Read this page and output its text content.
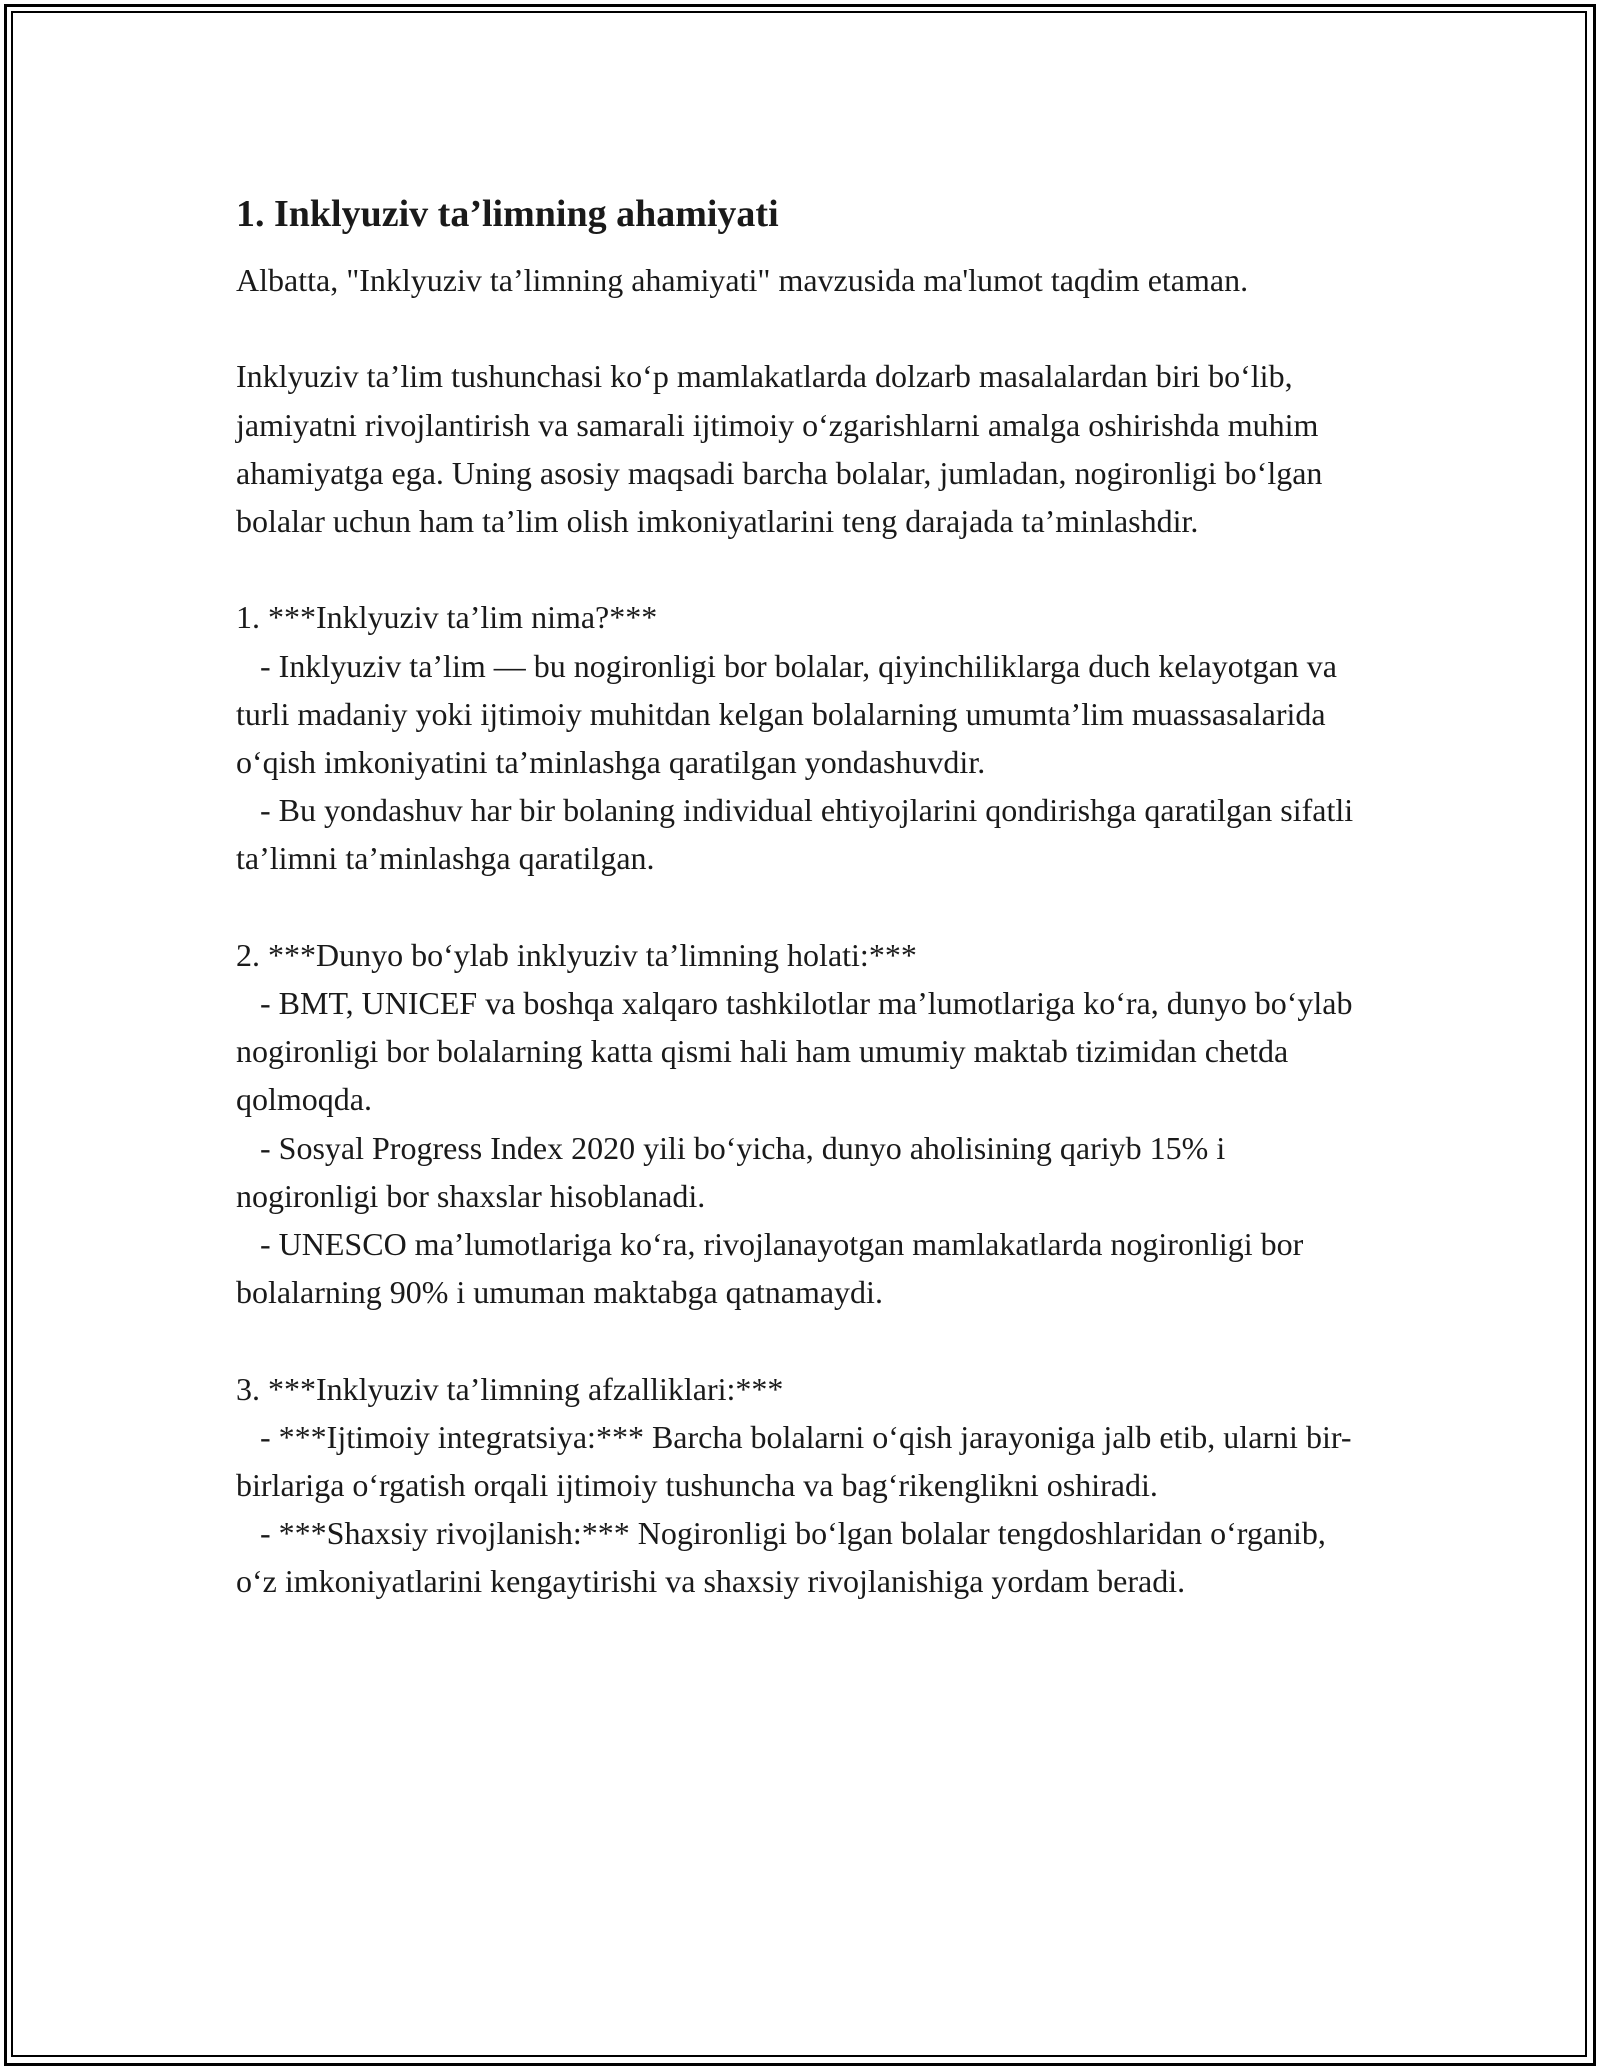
1. Inklyuziv ta’limning ahamiyati

Albatta, "Inklyuziv ta’limning ahamiyati" mavzusida ma'lumot taqdim etaman.

Inklyuziv ta’lim tushunchasi ko‘p mamlakatlarda dolzarb masalalardan biri bo‘lib, jamiyatni rivojlantirish va samarali ijtimoiy o‘zgarishlarni amalga oshirishda muhim ahamiyatga ega. Uning asosiy maqsadi barcha bolalar, jumladan, nogironligi bo‘lgan bolalar uchun ham ta’lim olish imkoniyatlarini teng darajada ta’minlashdir.

1. ***Inklyuziv ta’lim nima?***

- Inklyuziv ta’lim — bu nogironligi bor bolalar, qiyinchiliklarga duch kelayotgan va turli madaniy yoki ijtimoiy muhitdan kelgan bolalarning umumta’lim muassasalarida o‘qish imkoniyatini ta’minlashga qaratilgan yondashuvdir.

- Bu yondashuv har bir bolaning individual ehtiyojlarini qondirishga qaratilgan sifatli ta’limni ta’minlashga qaratilgan.

2. ***Dunyo bo‘ylab inklyuziv ta’limning holati:***

- BMT, UNICEF va boshqa xalqaro tashkilotlar ma’lumotlariga ko‘ra, dunyo bo‘ylab nogironligi bor bolalarning katta qismi hali ham umumiy maktab tizimidan chetda qolmoqda.

- Sosyal Progress Index 2020 yili bo‘yicha, dunyo aholisining qariyb 15% i nogironligi bor shaxslar hisoblanadi.

- UNESCO ma’lumotlariga ko‘ra, rivojlanayotgan mamlakatlarda nogironligi bor bolalarning 90% i umuman maktabga qatnamaydi.

3. ***Inklyuziv ta’limning afzalliklari:***

- ***Ijtimoiy integratsiya:*** Barcha bolalarni o‘qish jarayoniga jalb etib, ularni bir-birlariga o‘rgatish orqali ijtimoiy tushuncha va bag‘rikenglikni oshiradi.

- ***Shaxsiy rivojlanish:*** Nogironligi bo‘lgan bolalar tengdoshlaridan o‘rganib, o‘z imkoniyatlarini kengaytirishi va shaxsiy rivojlanishiga yordam beradi.
